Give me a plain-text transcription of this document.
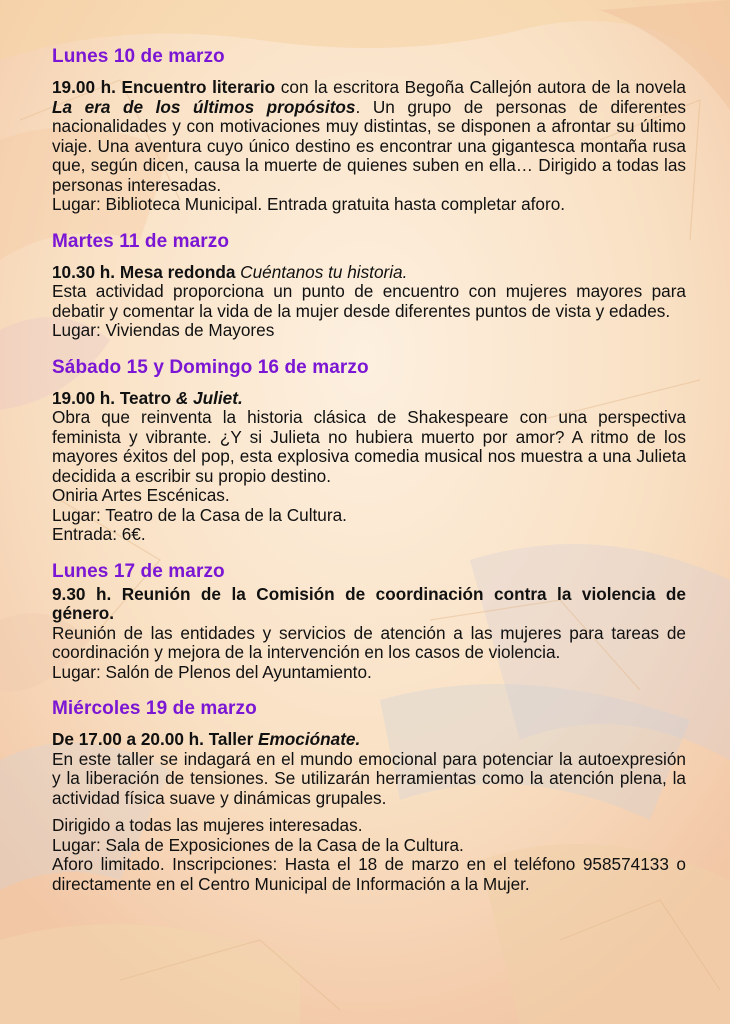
Lunes 10 de marzo

19.00 h. Encuentro literario con la escritora Begoña Callejón autora de la novela La era de los últimos propósitos. Un grupo de personas de diferentes nacionalidades y con motivaciones muy distintas, se disponen a afrontar su último viaje. Una aventura cuyo único destino es encontrar una gigantesca montaña rusa que, según dicen, causa la muerte de quienes suben en ella… Dirigido a todas las personas interesadas.

Lugar: Biblioteca Municipal. Entrada gratuita hasta completar aforo.

Martes 11 de marzo

10.30 h. Mesa redonda Cuéntanos tu historia.

Esta actividad proporciona un punto de encuentro con mujeres mayores para debatir y comentar la vida de la mujer desde diferentes puntos de vista y edades.

Lugar: Viviendas de Mayores

Sábado 15 y Domingo 16 de marzo

19.00 h. Teatro & Juliet.

Obra que reinventa la historia clásica de Shakespeare con una perspectiva feminista y vibrante. ¿Y si Julieta no hubiera muerto por amor? A ritmo de los mayores éxitos del pop, esta explosiva comedia musical nos muestra a una Julieta decidida a escribir su propio destino.

Oniria Artes Escénicas.

Lugar: Teatro de la Casa de la Cultura.

Entrada: 6€.

Lunes 17 de marzo

9.30 h. Reunión de la Comisión de coordinación contra la violencia de género.

Reunión de las entidades y servicios de atención a las mujeres para tareas de coordinación y mejora de la intervención en los casos de violencia.

Lugar: Salón de Plenos del Ayuntamiento.

Miércoles 19 de marzo

De 17.00 a 20.00 h. Taller Emociónate.

En este taller se indagará en el mundo emocional para potenciar la autoexpresión y la liberación de tensiones. Se utilizarán herramientas como la atención plena, la actividad física suave y dinámicas grupales.

Dirigido a todas las mujeres interesadas.

Lugar: Sala de Exposiciones de la Casa de la Cultura.

Aforo limitado. Inscripciones: Hasta el 18 de marzo en el teléfono 958574133 o directamente en el Centro Municipal de Información a la Mujer.
